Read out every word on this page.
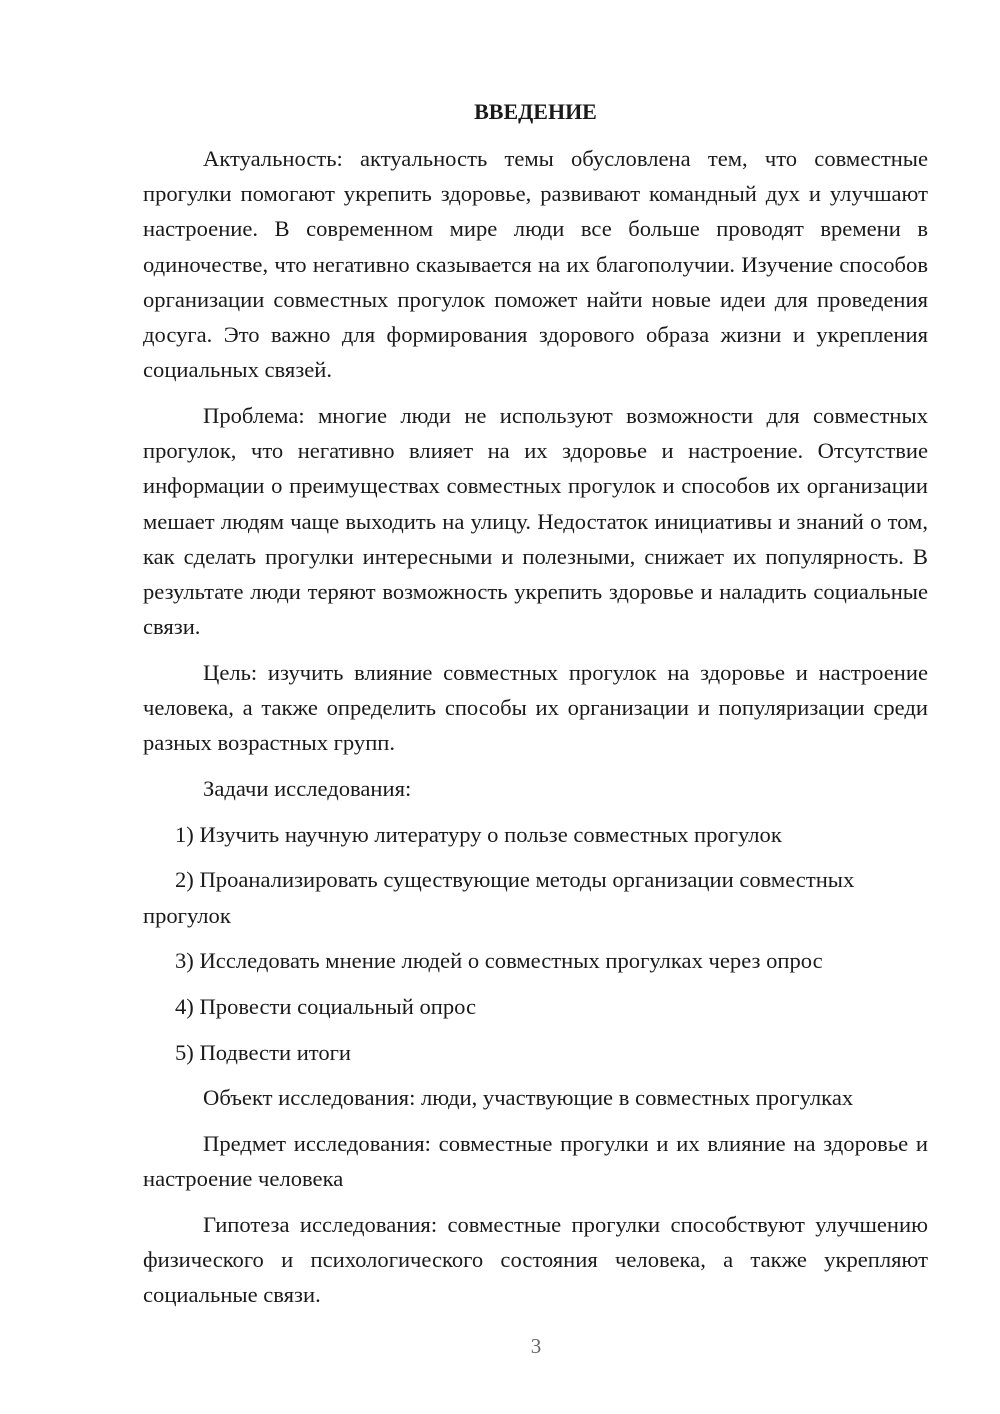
ВВЕДЕНИЕ
Актуальность: актуальность темы обусловлена тем, что совместные прогулки помогают укрепить здоровье, развивают командный дух и улучшают настроение. В современном мире люди все больше проводят времени в одиночестве, что негативно сказывается на их благополучии. Изучение способов организации совместных прогулок поможет найти новые идеи для проведения досуга. Это важно для формирования здорового образа жизни и укрепления социальных связей.
Проблема: многие люди не используют возможности для совместных прогулок, что негативно влияет на их здоровье и настроение. Отсутствие информации о преимуществах совместных прогулок и способов их организации мешает людям чаще выходить на улицу. Недостаток инициативы и знаний о том, как сделать прогулки интересными и полезными, снижает их популярность. В результате люди теряют возможность укрепить здоровье и наладить социальные связи.
Цель: изучить влияние совместных прогулок на здоровье и настроение человека, а также определить способы их организации и популяризации среди разных возрастных групп.
Задачи исследования:
1) Изучить научную литературу о пользе совместных прогулок
2) Проанализировать существующие методы организации совместных прогулок
3) Исследовать мнение людей о совместных прогулках через опрос
4) Провести социальный опрос
5) Подвести итоги
Объект исследования: люди, участвующие в совместных прогулках
Предмет исследования: совместные прогулки и их влияние на здоровье и настроение человека
Гипотеза исследования: совместные прогулки способствуют улучшению физического и психологического состояния человека, а также укрепляют социальные связи.
3
